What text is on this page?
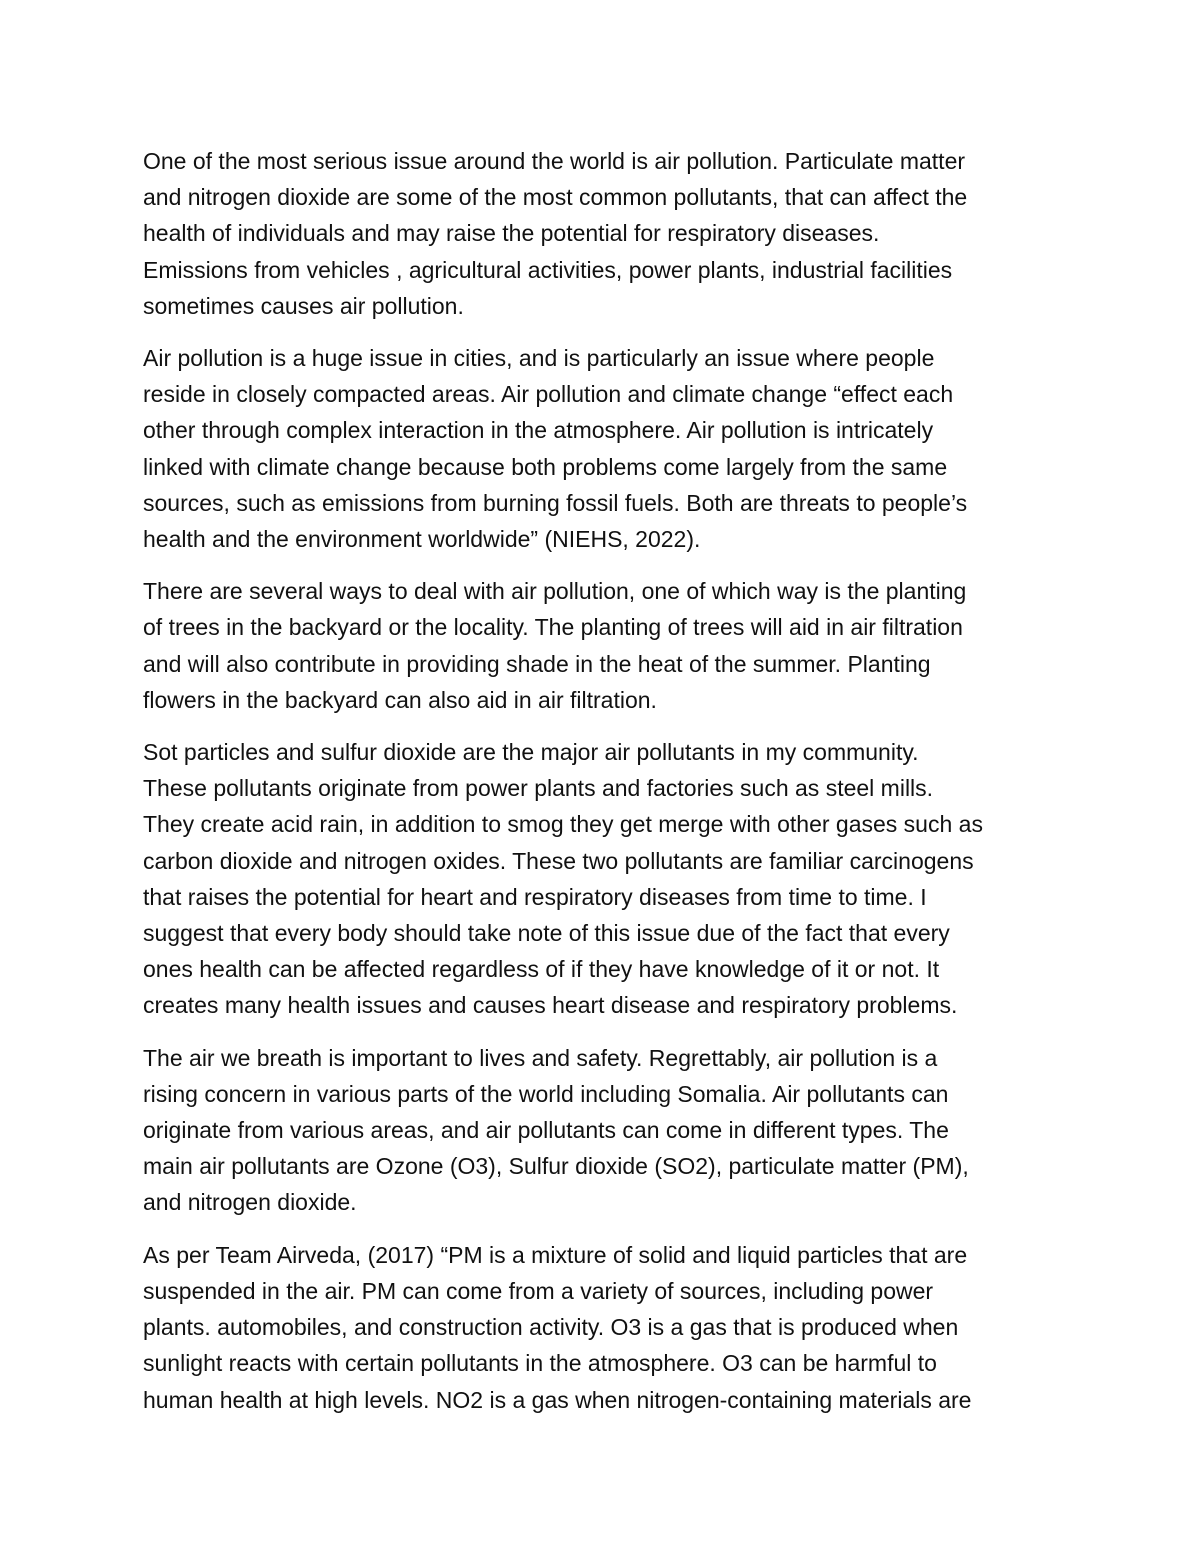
One of the most serious issue around the world is air pollution. Particulate matter
and nitrogen dioxide are some of the most common pollutants, that can affect the
health of individuals and may raise the potential for respiratory diseases.
Emissions from vehicles , agricultural activities, power plants, industrial facilities
sometimes causes air pollution.

Air pollution is a huge issue in cities, and is particularly an issue where people
reside in closely compacted areas. Air pollution and climate change “effect each
other through complex interaction in the atmosphere. Air pollution is intricately
linked with climate change because both problems come largely from the same
sources, such as emissions from burning fossil fuels. Both are threats to people’s
health and the environment worldwide” (NIEHS, 2022).

There are several ways to deal with air pollution, one of which way is the planting
of trees in the backyard or the locality. The planting of trees will aid in air filtration
and will also contribute in providing shade in the heat of the summer. Planting
flowers in the backyard can also aid in air filtration.

Sot particles and sulfur dioxide are the major air pollutants in my community.
These pollutants originate from power plants and factories such as steel mills.
They create acid rain, in addition to smog they get merge with other gases such as
carbon dioxide and nitrogen oxides. These two pollutants are familiar carcinogens
that raises the potential for heart and respiratory diseases from time to time. I
suggest that every body should take note of this issue due of the fact that every
ones health can be affected regardless of if they have knowledge of it or not. It
creates many health issues and causes heart disease and respiratory problems.

The air we breath is important to lives and safety. Regrettably, air pollution is a
rising concern in various parts of the world including Somalia. Air pollutants can
originate from various areas, and air pollutants can come in different types. The
main air pollutants are Ozone (O3), Sulfur dioxide (SO2), particulate matter (PM),
and nitrogen dioxide.

As per Team Airveda, (2017) “PM is a mixture of solid and liquid particles that are
suspended in the air. PM can come from a variety of sources, including power
plants. automobiles, and construction activity. O3 is a gas that is produced when
sunlight reacts with certain pollutants in the atmosphere. O3 can be harmful to
human health at high levels. NO2 is a gas when nitrogen-containing materials are
